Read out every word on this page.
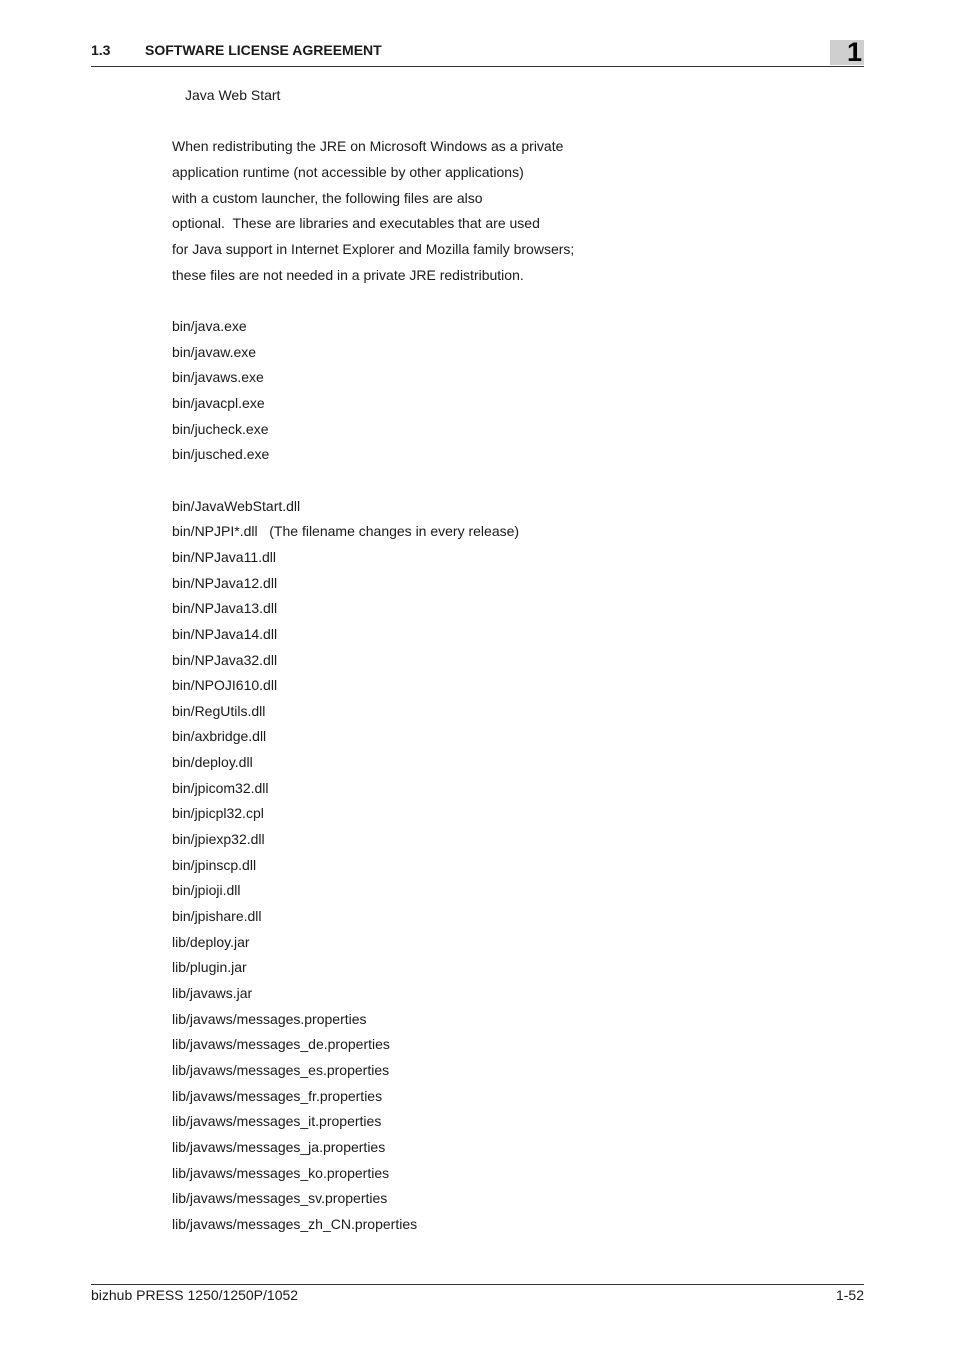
1.3 SOFTWARE LICENSE AGREEMENT	1
Java Web Start
When redistributing the JRE on Microsoft Windows as a private
application runtime (not accessible by other applications)
with a custom launcher, the following files are also
optional.  These are libraries and executables that are used
for Java support in Internet Explorer and Mozilla family browsers;
these files are not needed in a private JRE redistribution.
bin/java.exe
bin/javaw.exe
bin/javaws.exe
bin/javacpl.exe
bin/jucheck.exe
bin/jusched.exe
bin/JavaWebStart.dll
bin/NPJPI*.dll   (The filename changes in every release)
bin/NPJava11.dll
bin/NPJava12.dll
bin/NPJava13.dll
bin/NPJava14.dll
bin/NPJava32.dll
bin/NPOJI610.dll
bin/RegUtils.dll
bin/axbridge.dll
bin/deploy.dll
bin/jpicom32.dll
bin/jpicpl32.cpl
bin/jpiexp32.dll
bin/jpinscp.dll
bin/jpioji.dll
bin/jpishare.dll
lib/deploy.jar
lib/plugin.jar
lib/javaws.jar
lib/javaws/messages.properties
lib/javaws/messages_de.properties
lib/javaws/messages_es.properties
lib/javaws/messages_fr.properties
lib/javaws/messages_it.properties
lib/javaws/messages_ja.properties
lib/javaws/messages_ko.properties
lib/javaws/messages_sv.properties
lib/javaws/messages_zh_CN.properties
bizhub PRESS 1250/1250P/1052	1-52
